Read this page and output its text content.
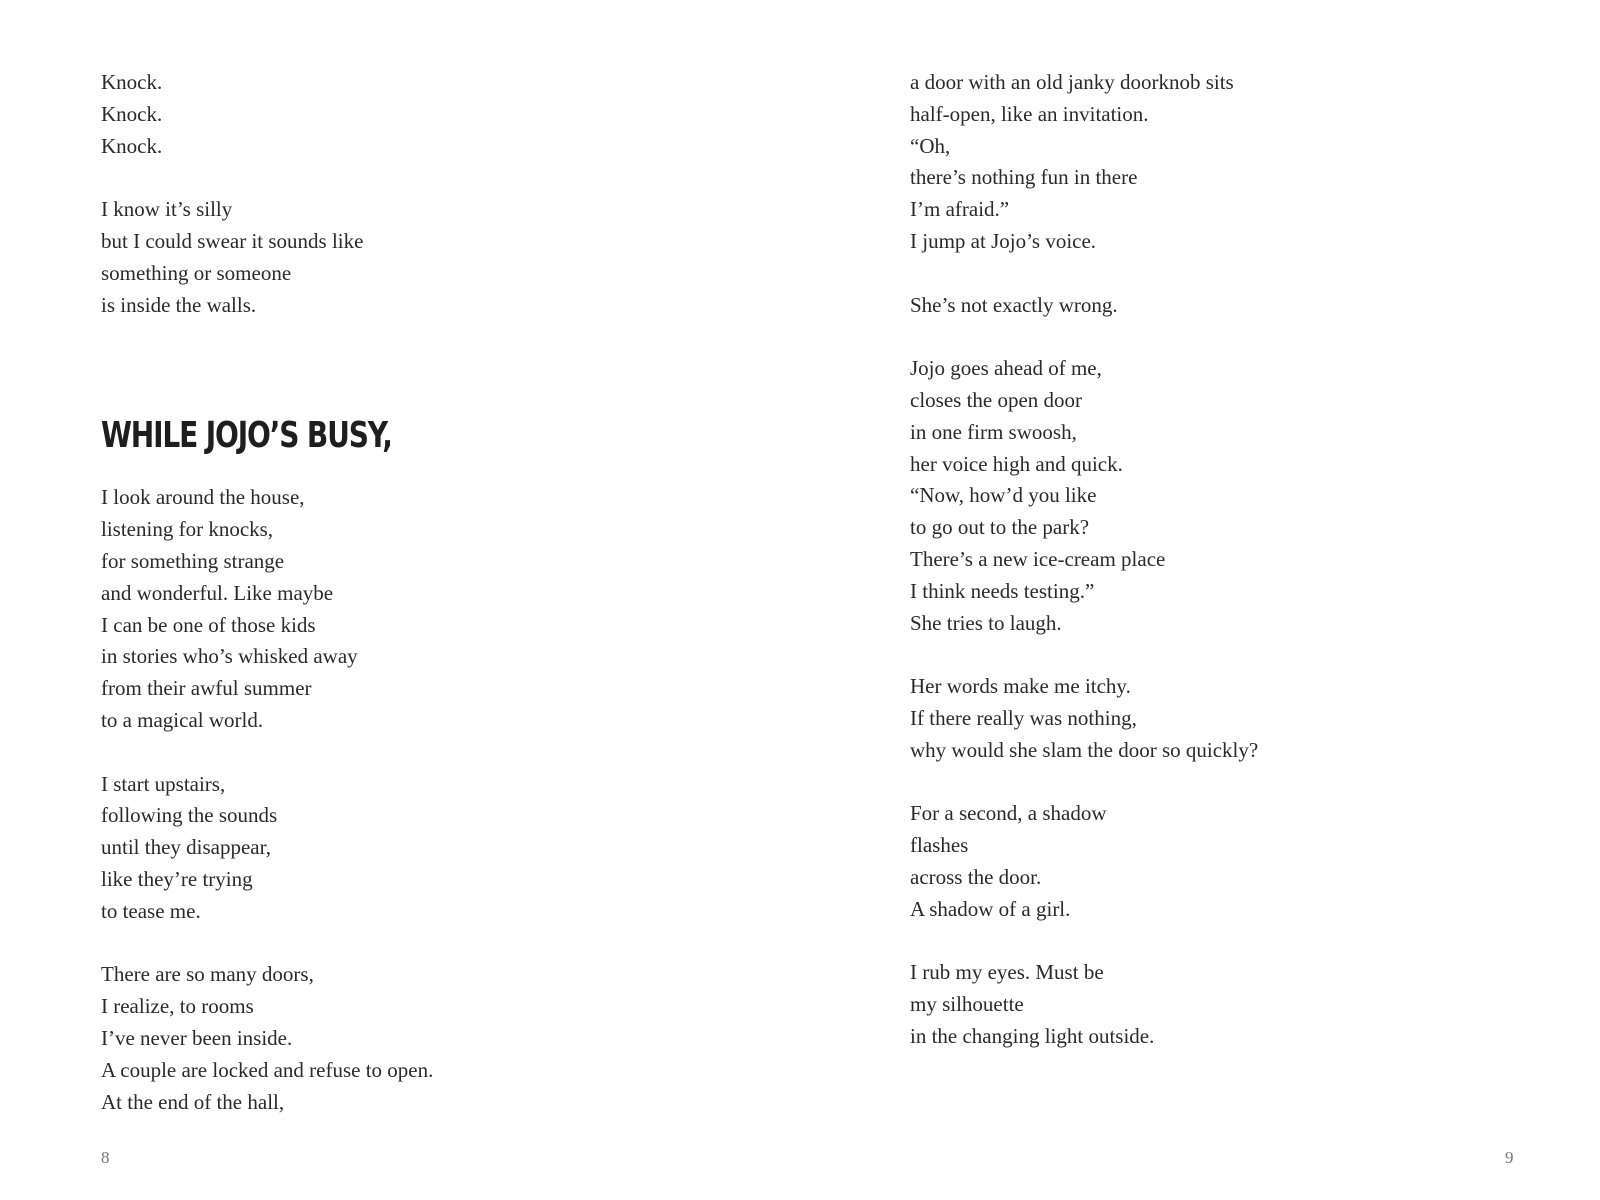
Knock.
Knock.
Knock.
I know it’s silly
but I could swear it sounds like
something or someone
is inside the walls.
WHILE JOJO’S BUSY,
I look around the house,
listening for knocks,
for something strange
and wonderful. Like maybe
I can be one of those kids
in stories who’s whisked away
from their awful summer
to a magical world.
I start upstairs,
following the sounds
until they disappear,
like they’re trying
to tease me.
There are so many doors,
I realize, to rooms
I’ve never been inside.
A couple are locked and refuse to open.
At the end of the hall,
8
a door with an old janky doorknob sits
half-open, like an invitation.
“Oh,
there’s nothing fun in there
I’m afraid.”
I jump at Jojo’s voice.
She’s not exactly wrong.
Jojo goes ahead of me,
closes the open door
in one firm swoosh,
her voice high and quick.
“Now, how’d you like
to go out to the park?
There’s a new ice-cream place
I think needs testing.”
She tries to laugh.
Her words make me itchy.
If there really was nothing,
why would she slam the door so quickly?
For a second, a shadow
flashes
across the door.
A shadow of a girl.
I rub my eyes. Must be
my silhouette
in the changing light outside.
9
